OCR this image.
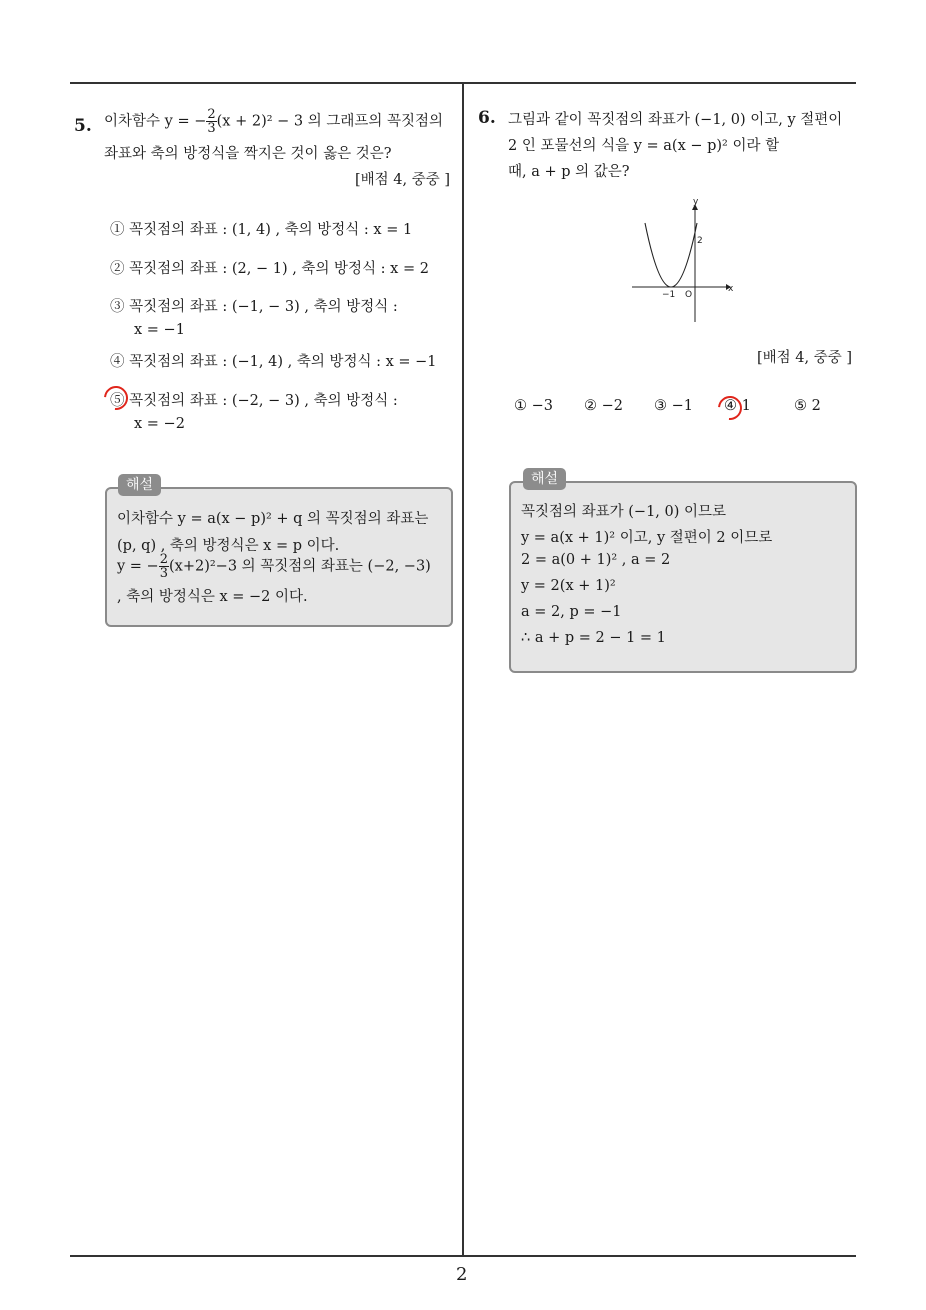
5. 이차함수 y = − $\frac{2}{3} (x + 2)^2 - 3$ 의 그래프의 꼭짓점의
좌표와 축의 방정식을 짝지은 것이 옳은 것은?
[배점 4, 중중 ]
① 꼭짓점의 좌표 : (1, 4) , 축의 방정식 : x = 1
② 꼭짓점의 좌표 : (2, − 1) , 축의 방정식 : x = 2
③ 꼭짓점의 좌표 : (−1, − 3) , 축의 방정식 :
x = −1
④ 꼭짓점의 좌표 : (−1, 4) , 축의 방정식 : x = −1
⑤ 꼭짓점의 좌표 : (−2, − 3) , 축의 방정식 :
x = −2
해설
이차함수 y = a(x − p)² + q 의 꼭짓점의 좌표는
(p, q) , 축의 방정식은 x = p 이다.
y = − $\frac{2}{3} (x+2)^2-3$ 의 꼭짓점의 좌표는 (−2, −3)
, 축의 방정식은 x = −2 이다.
6. 그림과 같이 꼭짓점의 좌표가 (−1, 0) 이고, y 절편이
2 인 포물선의 식을 y = a(x − p)² 이라 할
때, a + p 의 값은?
y
x
2
−1 O
[배점 4, 중중 ]
① −3 ② −2 ③ −1 ④ 1	⑤ 2
해설
꼭짓점의 좌표가 (−1, 0) 이므로
y = a(x + 1)² 이고, y 절편이 2 이므로
2 = a(0 + 1)² , a = 2
y = 2(x + 1)²
a = 2, p = −1
∴ a + p = 2 − 1 = 1
2
